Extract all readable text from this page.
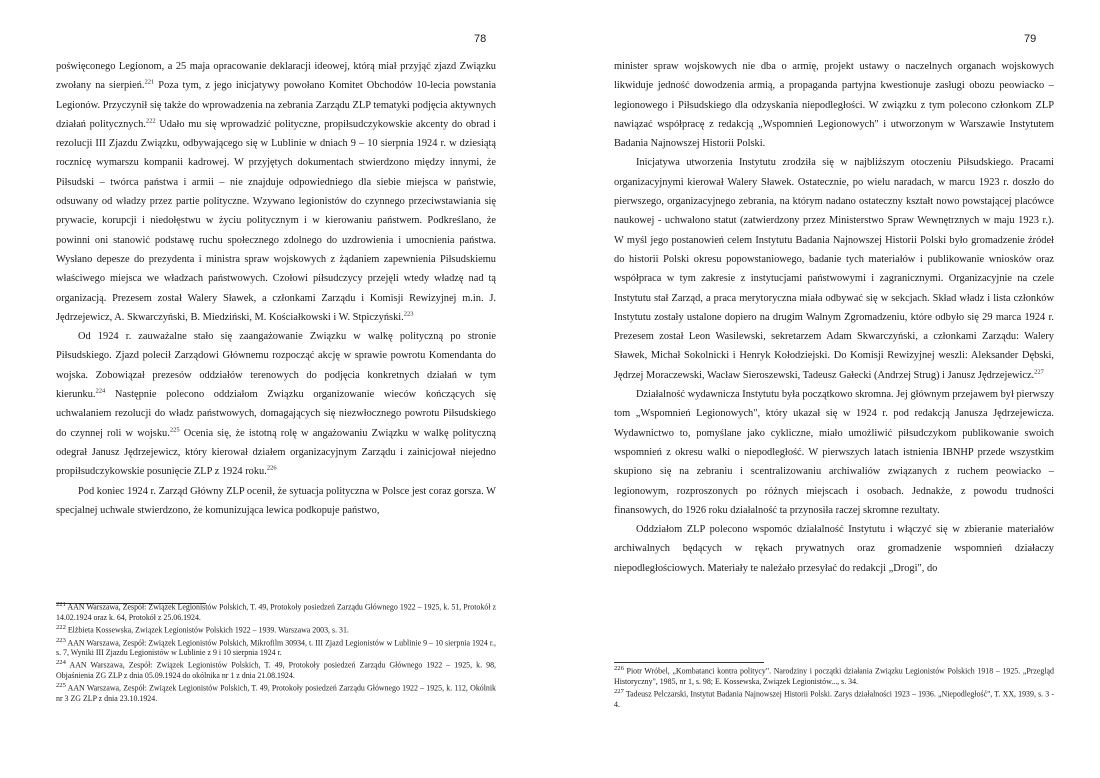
78

poświęconego Legionom, a 25 maja opracowanie deklaracji ideowej, którą miał przyjąć zjazd Związku zwołany na sierpień.$^{221}$ Poza tym, z jego inicjatywy powołano Komitet Obchodów 10-lecia powstania Legionów. Przyczynił się także do wprowadzenia na zebrania Zarządu ZLP tematyki podjęcia aktywnych działań politycznych.$^{222}$ Udało mu się wprowadzić polityczne, propiłsudczykowskie akcenty do obrad i rezolucji III Zjazdu Związku, odbywającego się w Lublinie w dniach 9 – 10 sierpnia 1924 r. w dziesiątą rocznicę wymarszu kompanii kadrowej. W przyjętych dokumentach stwierdzono między innymi, że Piłsudski – twórca państwa i armii – nie znajduje odpowiedniego dla siebie miejsca w państwie, odsuwany od władzy przez partie polityczne. Wzywano legionistów do czynnego przeciwstawiania się prywacie, korupcji i niedołęstwu w życiu politycznym i w kierowaniu państwem. Podkreślano, że powinni oni stanowić podstawę ruchu społecznego zdolnego do uzdrowienia i umocnienia państwa. Wysłano depesze do prezydenta i ministra spraw wojskowych z żądaniem zapewnienia Piłsudskiemu właściwego miejsca we władzach państwowych. Czołowi piłsudczycy przejęli wtedy władzę nad tą organizacją. Prezesem został Walery Sławek, a członkami Zarządu i Komisji Rewizyjnej m.in. J. Jędrzejewicz, A. Skwarczyński, B. Miedziński, M. Kościałkowski i W. Stpiczyński.$^{223}$

Od 1924 r. zauważalne stało się zaangażowanie Związku w walkę polityczną po stronie Piłsudskiego. Zjazd polecił Zarządowi Głównemu rozpocząć akcję w sprawie powrotu Komendanta do wojska. Zobowiązał prezesów oddziałów terenowych do podjęcia konkretnych działań w tym kierunku.$^{224}$ Następnie polecono oddziałom Związku organizowanie wieców kończących się uchwalaniem rezolucji do władz państwowych, domagających się niezwłocznego powrotu Piłsudskiego do czynnej roli w wojsku.$^{225}$ Ocenia się, że istotną rolę w angażowaniu Związku w walkę polityczną odegrał Janusz Jędrzejewicz, który kierował działem organizacyjnym Zarządu i zainicjował niejedno propiłsudczykowskie posunięcie ZLP z 1924 roku.$^{226}$

Pod koniec 1924 r. Zarząd Główny ZLP ocenił, że sytuacja polityczna w Polsce jest coraz gorsza. W specjalnej uchwale stwierdzono, że komunizująca lewica podkopuje państwo,

$^{221}$ AAN Warszawa, Zespół: Związek Legionistów Polskich, T. 49, Protokoły posiedzeń Zarządu Głównego 1922 – 1925, k. 51, Protokół z 14.02.1924 oraz k. 64, Protokół z 25.06.1924.

$^{222}$ Elżbieta Kossewska, Związek Legionistów Polskich 1922 – 1939. Warszawa 2003, s. 31.

$^{223}$ AAN Warszawa, Zespół: Związek Legionistów Polskich, Mikrofilm 30934, t. III Zjazd Legionistów w Lublinie 9 – 10 sierpnia 1924 r., s. 7, Wyniki III Zjazdu Legionistów w Lublinie z 9 i 10 sierpnia 1924 r.

$^{224}$ AAN Warszawa, Zespół: Związek Legionistów Polskich, T. 49, Protokoły posiedzeń Zarządu Głównego 1922 – 1925, k. 98, Objaśnienia ZG ZLP z dnia 05.09.1924 do okólnika nr 1 z dnia 21.08.1924.

$^{225}$ AAN Warszawa, Zespół: Związek Legionistów Polskich, T. 49, Protokoły posiedzeń Zarządu Głównego 1922 – 1925, k. 112, Okólnik nr 3 ZG ZLP z dnia 23.10.1924.

79

minister spraw wojskowych nie dba o armię, projekt ustawy o naczelnych organach wojskowych likwiduje jedność dowodzenia armią, a propaganda partyjna kwestionuje zasługi obozu peowiacko – legionowego i Piłsudskiego dla odzyskania niepodległości. W związku z tym polecono członkom ZLP nawiązać współpracę z redakcją „Wspomnień Legionowych" i utworzonym w Warszawie Instytutem Badania Najnowszej Historii Polski.

Inicjatywa utworzenia Instytutu zrodziła się w najbliższym otoczeniu Piłsudskiego. Pracami organizacyjnymi kierował Walery Sławek. Ostatecznie, po wielu naradach, w marcu 1923 r. doszło do pierwszego, organizacyjnego zebrania, na którym nadano ostateczny kształt nowo powstającej placówce naukowej - uchwalono statut (zatwierdzony przez Ministerstwo Spraw Wewnętrznych w maju 1923 r.). W myśl jego postanowień celem Instytutu Badania Najnowszej Historii Polski było gromadzenie źródeł do historii Polski okresu popowstaniowego, badanie tych materiałów i publikowanie wniosków oraz współpraca w tym zakresie z instytucjami państwowymi i zagranicznymi. Organizacyjnie na czele Instytutu stał Zarząd, a praca merytoryczna miała odbywać się w sekcjach. Skład władz i lista członków Instytutu zostały ustalone dopiero na drugim Walnym Zgromadzeniu, które odbyło się 29 marca 1924 r. Prezesem został Leon Wasilewski, sekretarzem Adam Skwarczyński, a członkami Zarządu: Walery Sławek, Michał Sokolnicki i Henryk Kołodziejski. Do Komisji Rewizyjnej weszli: Aleksander Dębski, Jędrzej Moraczewski, Wacław Sieroszewski, Tadeusz Gałecki (Andrzej Strug) i Janusz Jędrzejewicz.$^{227}$

Działalność wydawnicza Instytutu była początkowo skromna. Jej głównym przejawem był pierwszy tom „Wspomnień Legionowych", który ukazał się w 1924 r. pod redakcją Janusza Jędrzejewicza. Wydawnictwo to, pomyślane jako cykliczne, miało umożliwić piłsudczykom publikowanie swoich wspomnień z okresu walki o niepodległość. W pierwszych latach istnienia IBNHP przede wszystkim skupiono się na zebraniu i scentralizowaniu archiwaliów związanych z ruchem peowiacko – legionowym, rozproszonych po różnych miejscach i osobach. Jednakże, z powodu trudności finansowych, do 1926 roku działalność ta przynosiła raczej skromne rezultaty.

Oddziałom ZLP polecono wspomóc działalność Instytutu i włączyć się w zbieranie materiałów archiwalnych będących w rękach prywatnych oraz gromadzenie wspomnień działaczy niepodległościowych. Materiały te należało przesyłać do redakcji „Drogi", do

$^{226}$ Piotr Wróbel, „Kombatanci kontra politycy". Narodziny i początki działania Związku Legionistów Polskich 1918 – 1925. „Przegląd Historyczny", 1985, nr 1, s. 98; E. Kossewska, Związek Legionistów..., s. 34.

$^{227}$ Tadeusz Pelczarski, Instytut Badania Najnowszej Historii Polski. Zarys działalności 1923 – 1936. „Niepodległość", T. XX, 1939, s. 3 - 4.
